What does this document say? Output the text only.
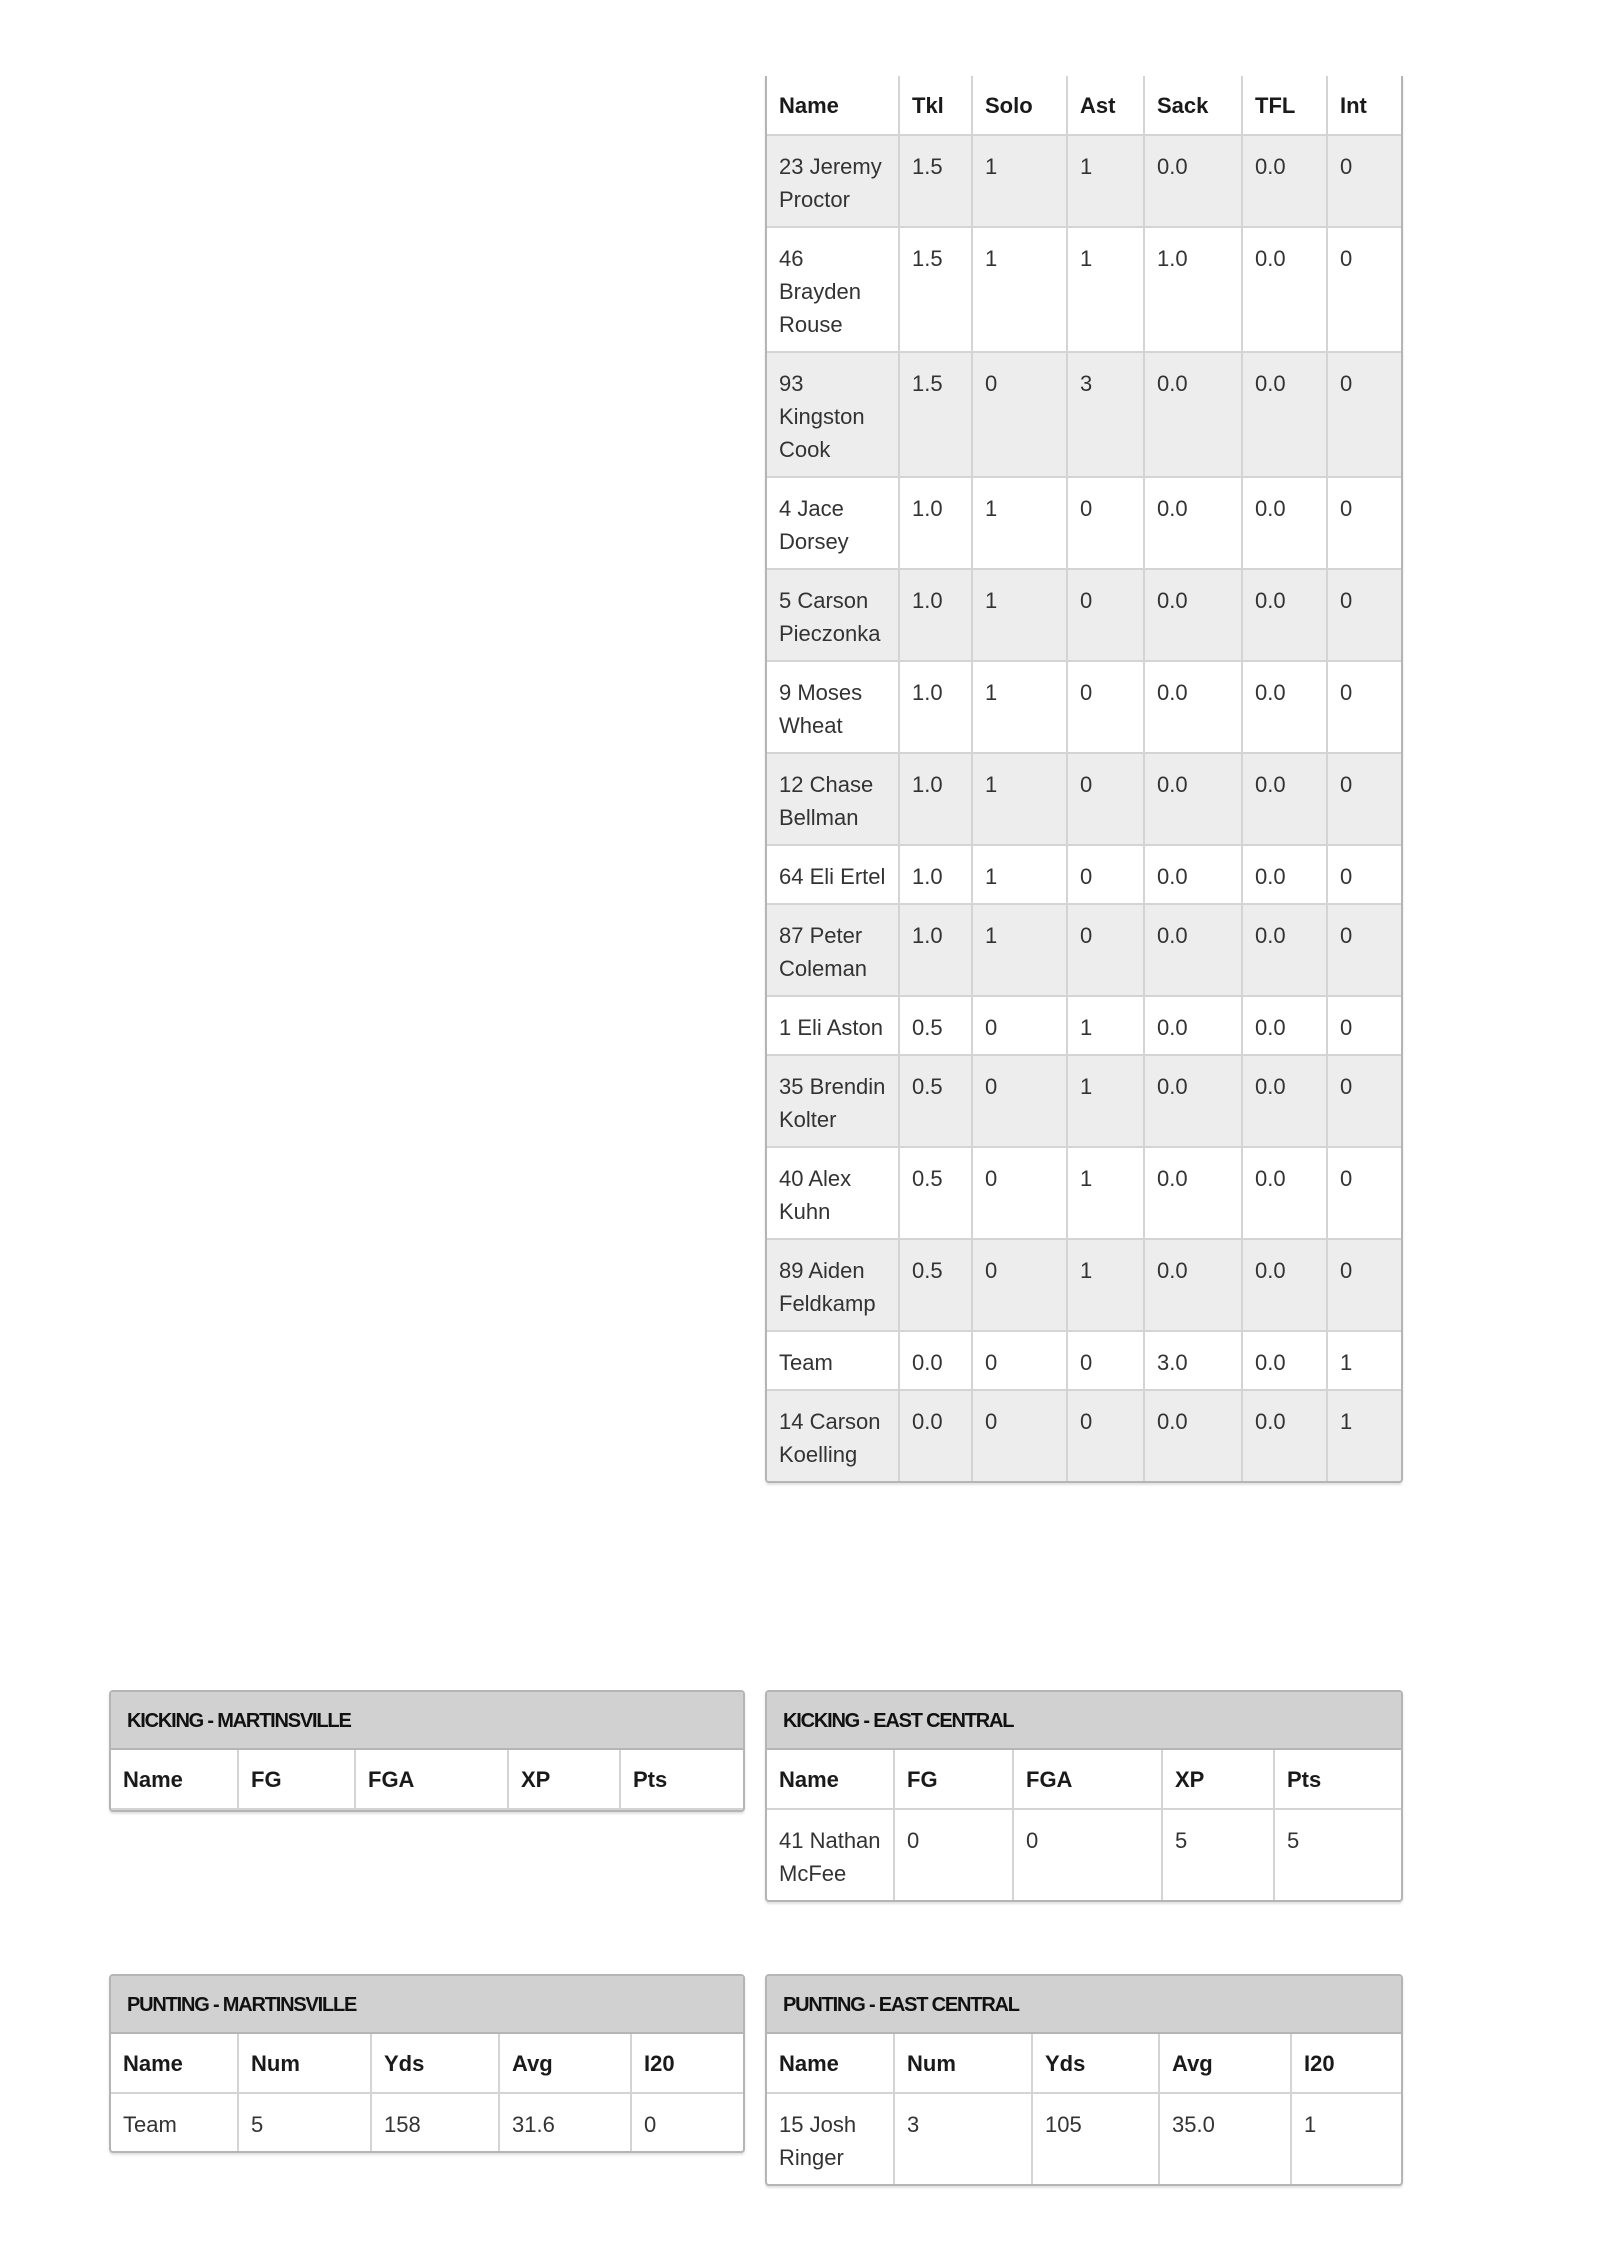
Name	Tkl	Solo	Ast	Sack	TFL	Int
23 Jeremy Proctor	1.5	1	1	0.0	0.0	0
46 Brayden Rouse	1.5	1	1	1.0	0.0	0
93 Kingston Cook	1.5	0	3	0.0	0.0	0
4 Jace Dorsey	1.0	1	0	0.0	0.0	0
5 Carson Pieczonka	1.0	1	0	0.0	0.0	0
9 Moses Wheat	1.0	1	0	0.0	0.0	0
12 Chase Bellman	1.0	1	0	0.0	0.0	0
64 Eli Ertel	1.0	1	0	0.0	0.0	0
87 Peter Coleman	1.0	1	0	0.0	0.0	0
1 Eli Aston	0.5	0	1	0.0	0.0	0
35 Brendin Kolter	0.5	0	1	0.0	0.0	0
40 Alex Kuhn	0.5	0	1	0.0	0.0	0
89 Aiden Feldkamp	0.5	0	1	0.0	0.0	0
Team	0.0	0	0	3.0	0.0	1
14 Carson Koelling	0.0	0	0	0.0	0.0	1
KICKING - MARTINSVILLE
Name	FG	FGA	XP	Pts
KICKING - EAST CENTRAL
Name	FG	FGA	XP	Pts
41 Nathan McFee	0	0	5	5
PUNTING - MARTINSVILLE
Name	Num	Yds	Avg	I20
Team	5	158	31.6	0
PUNTING - EAST CENTRAL
Name	Num	Yds	Avg	I20
15 Josh Ringer	3	105	35.0	1
